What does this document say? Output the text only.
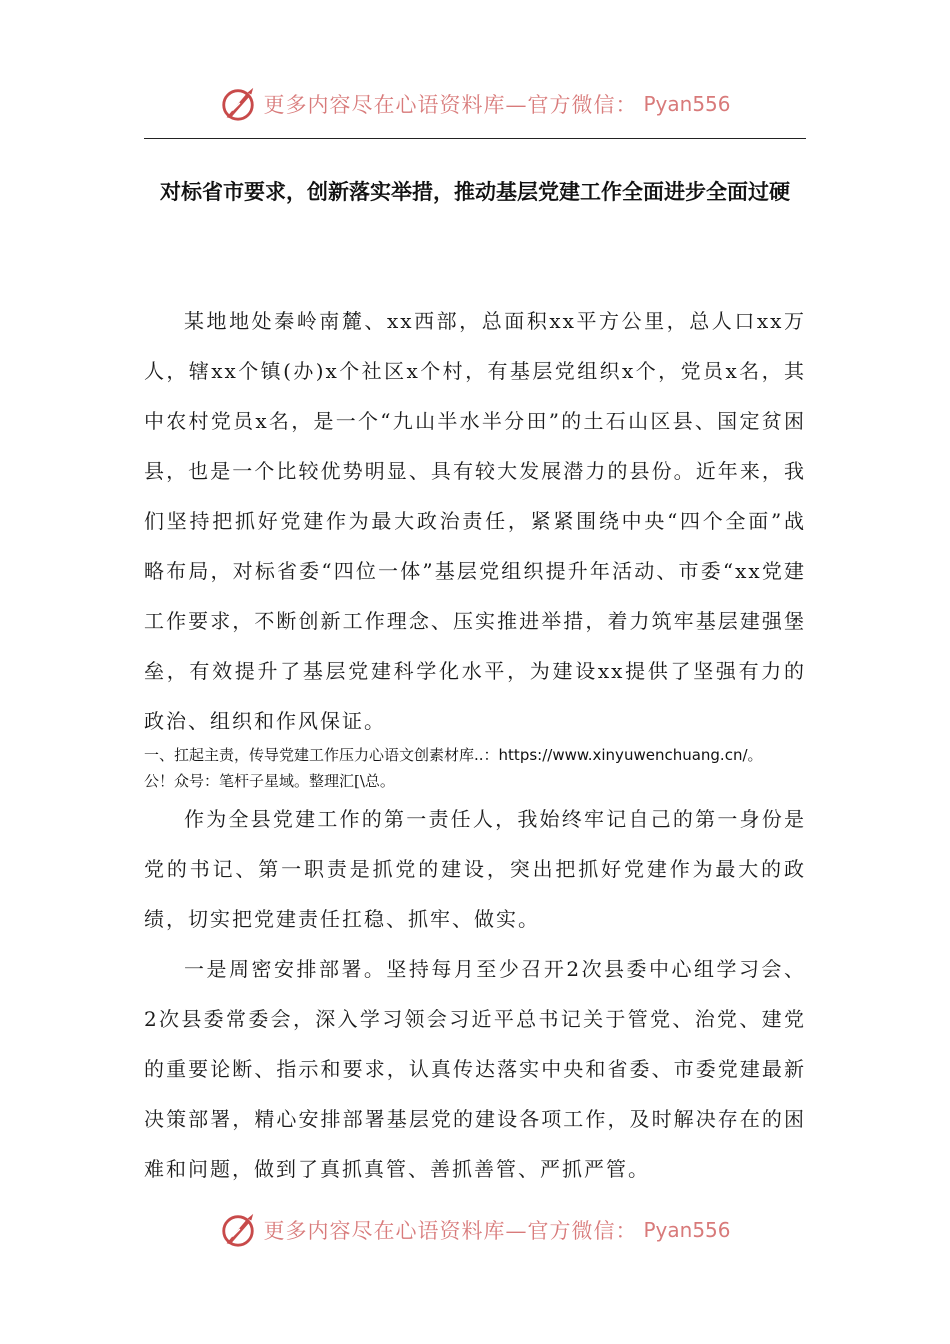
更多内容尽在心语资料库—官方微信： Pyan556
对标省市要求，创新落实举措，推动基层党建工作全面进步全面过硬

某地地处秦岭南麓、xx西部，总面积xx平方公里，总人口xx万人，辖xx个镇(办)x个社区x个村，有基层党组织x个，党员x名，其中农村党员x名，是一个“九山半水半分田”的土石山区县、国定贫困县，也是一个比较优势明显、具有较大发展潜力的县份。近年来，我们坚持把抓好党建作为最大政治责任，紧紧围绕中央“四个全面”战略布局，对标省委“四位一体”基层党组织提升年活动、市委“xx党建工作要求，不断创新工作理念、压实推进举措，着力筑牢基层建强堡垒，有效提升了基层党建科学化水平，为建设xx提供了坚强有力的政治、组织和作风保证。

一、扛起主责，传导党建工作压力心语文创素材库..：https://www.xinyuwenchuang.cn/。
公！众号：笔杆子星域。整理汇[\总。

作为全县党建工作的第一责任人，我始终牢记自己的第一身份是党的书记、第一职责是抓党的建设，突出把抓好党建作为最大的政绩，切实把党建责任扛稳、抓牢、做实。

一是周密安排部署。坚持每月至少召开2次县委中心组学习会、2次县委常委会，深入学习领会习近平总书记关于管党、治党、建党的重要论断、指示和要求，认真传达落实中央和省委、市委党建最新决策部署，精心安排部署基层党的建设各项工作，及时解决存在的困难和问题，做到了真抓真管、善抓善管、严抓严管。

更多内容尽在心语资料库—官方微信： Pyan556
